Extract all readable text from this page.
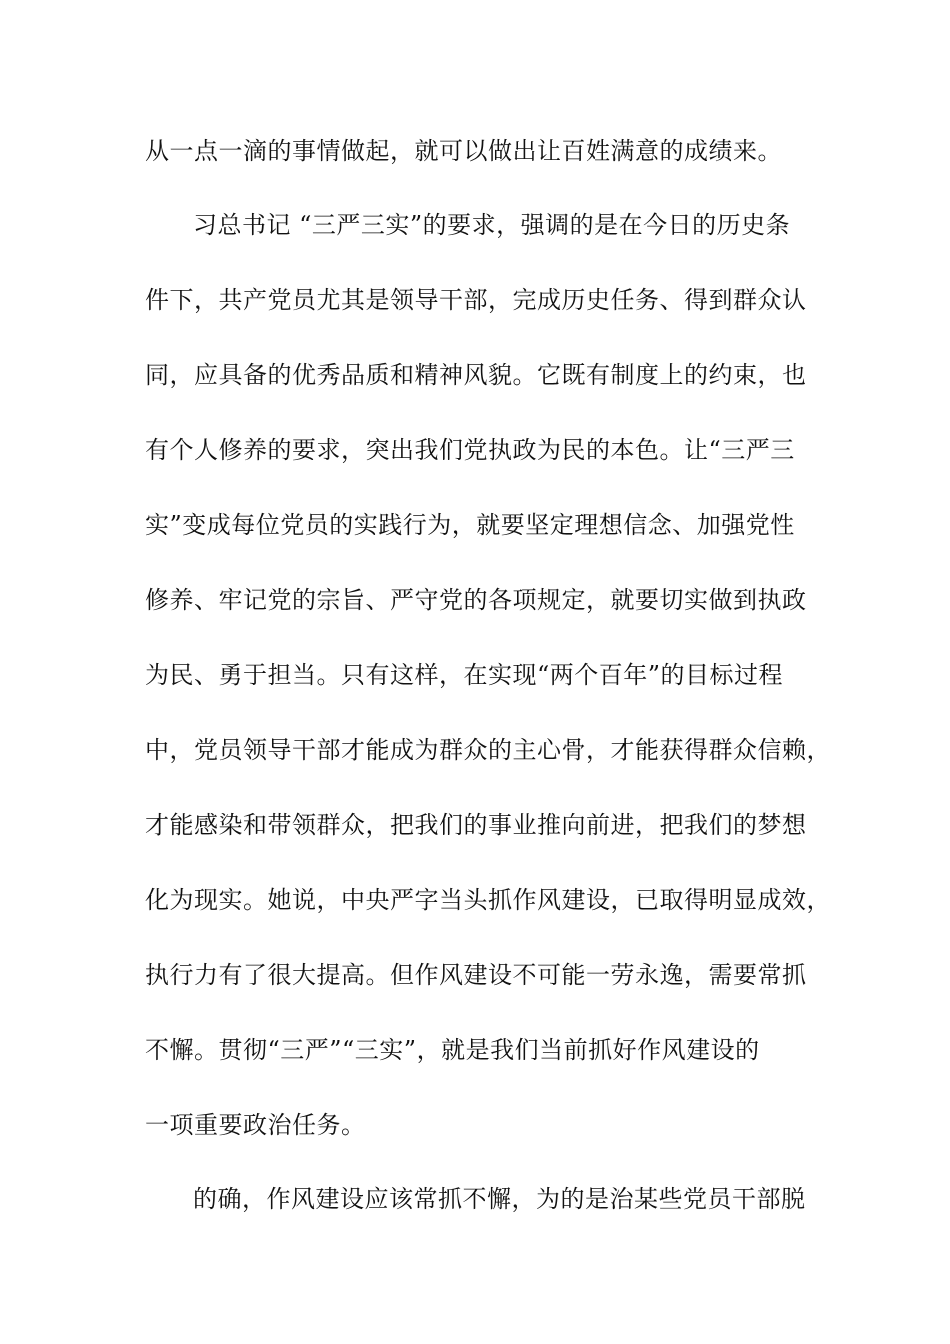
从一点一滴的事情做起，就可以做出让百姓满意的成绩来。
习总书记 “三严三实”的要求，强调的是在今日的历史条
件下，共产党员尤其是领导干部，完成历史任务、得到群众认
同，应具备的优秀品质和精神风貌。它既有制度上的约束，也
有个人修养的要求，突出我们党执政为民的本色。让“三严三
实”变成每位党员的实践行为，就要坚定理想信念、加强党性
修养、牢记党的宗旨、严守党的各项规定，就要切实做到执政
为民、勇于担当。只有这样，在实现“两个百年”的目标过程
中，党员领导干部才能成为群众的主心骨，才能获得群众信赖，
才能感染和带领群众，把我们的事业推向前进，把我们的梦想
化为现实。她说，中央严字当头抓作风建设，已取得明显成效，
执行力有了很大提高。但作风建设不可能一劳永逸，需要常抓
不懈。贯彻“三严”“三实”，就是我们当前抓好作风建设的
一项重要政治任务。
的确，作风建设应该常抓不懈，为的是治某些党员干部脱
